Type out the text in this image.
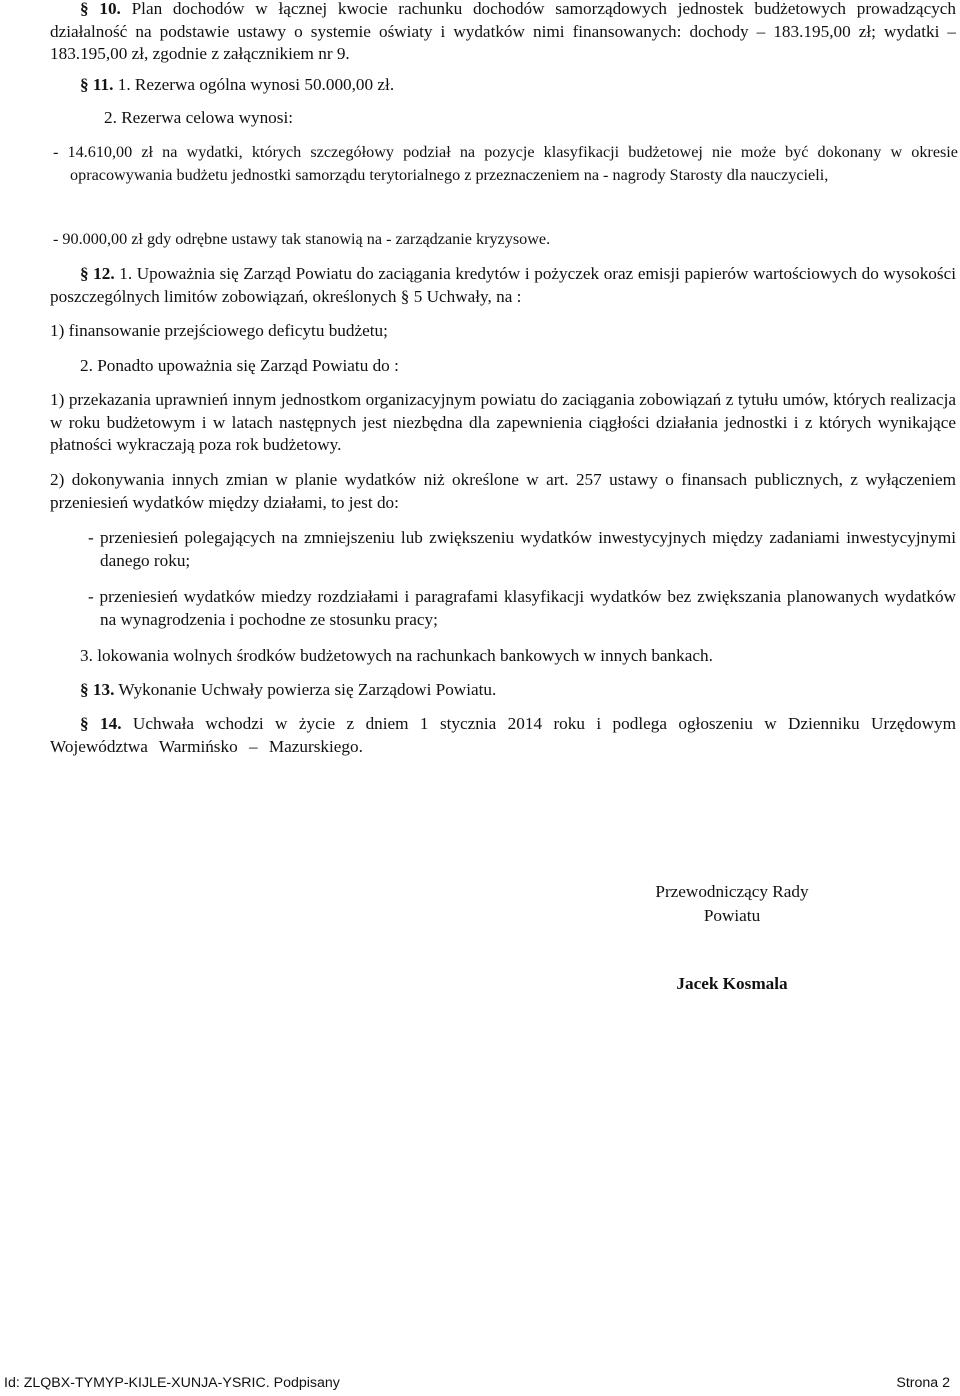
§ 10. Plan dochodów w łącznej kwocie rachunku dochodów samorządowych jednostek budżetowych prowadzących działalność na podstawie ustawy o systemie oświaty i wydatków nimi finansowanych: dochody – 183.195,00 zł; wydatki – 183.195,00 zł, zgodnie z załącznikiem nr 9.
§ 11. 1. Rezerwa ogólna wynosi 50.000,00 zł.
2. Rezerwa celowa wynosi:
- 14.610,00 zł na wydatki, których szczegółowy podział na pozycje klasyfikacji budżetowej nie może być dokonany w okresie opracowywania budżetu jednostki samorządu terytorialnego z przeznaczeniem na - nagrody Starosty dla nauczycieli,
- 90.000,00 zł gdy odrębne ustawy tak stanowią na - zarządzanie kryzysowe.
§ 12. 1. Upoważnia się Zarząd Powiatu do zaciągania kredytów i pożyczek oraz emisji papierów wartościowych do wysokości poszczególnych limitów zobowiązań, określonych § 5 Uchwały, na :
1) finansowanie przejściowego deficytu budżetu;
2. Ponadto upoważnia się Zarząd Powiatu do :
1) przekazania uprawnień innym jednostkom organizacyjnym powiatu do zaciągania zobowiązań z tytułu umów, których realizacja w roku budżetowym i w latach następnych jest niezbędna dla zapewnienia ciągłości działania jednostki i z których wynikające płatności wykraczają poza rok budżetowy.
2) dokonywania innych zmian w planie wydatków niż określone w art. 257 ustawy o finansach publicznych, z wyłączeniem przeniesień wydatków między działami, to jest do:
- przeniesień polegających na zmniejszeniu lub zwiększeniu wydatków inwestycyjnych między zadaniami inwestycyjnymi danego roku;
- przeniesień wydatków miedzy rozdziałami i paragrafami klasyfikacji wydatków bez zwiększania planowanych wydatków na wynagrodzenia i pochodne ze stosunku pracy;
3. lokowania wolnych środków budżetowych na rachunkach bankowych w innych bankach.
§ 13. Wykonanie Uchwały powierza się Zarządowi Powiatu.
§ 14. Uchwała wchodzi w życie z dniem 1 stycznia 2014 roku i podlega ogłoszeniu w Dzienniku Urzędowym Województwa Warmińsko – Mazurskiego.
Przewodniczący Rady
Powiatu
Jacek Kosmala
Id: ZLQBX-TYMYP-KIJLE-XUNJA-YSRIC. Podpisany	Strona 2
